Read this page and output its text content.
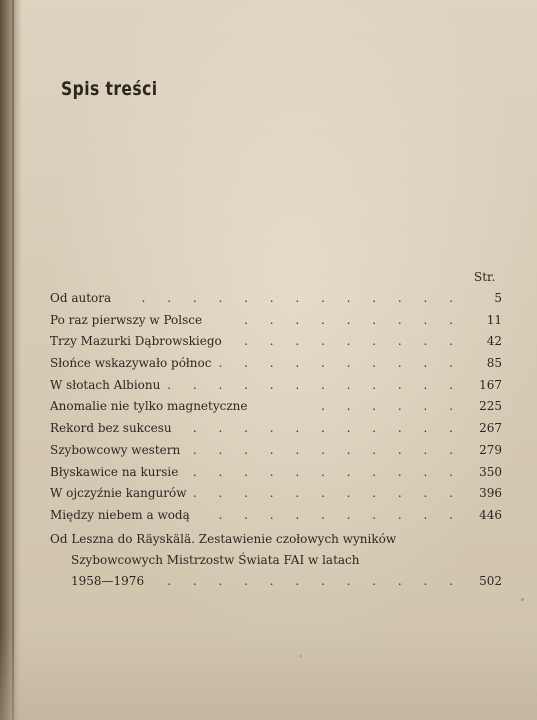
Spis treści
Str.
Od autora	. . . . . . . . . . . . .	5
Po raz pierwszy w Polsce	. . . . . . . . . 11
Trzy Mazurki Dąbrowskiego . . . . . . . . . 42
Słońce wskazywało północ . . . . . . . . . . 85
W słotach Albionu . . . . . . . . . . . . 167
Anomalie nie tylko magnetyczne	. . . . . . 225
Rekord bez sukcesu . . . . . . . . . . . 267
Szybowcowy western . . . . . . . . . . . 279
Błyskawice na kursie . . . . . . . . . . . 350
W ojczyźnie kangurów . . . . . . . . . . . 396
Między niebem a wodą . . . . . . . . . . 446
Od Leszna do Räyskälä. Zestawienie czołowych wyników
Szybowcowych Mistrzostw Świata FAI w latach
1958—1976 . . . . . . . . . . . . 502
